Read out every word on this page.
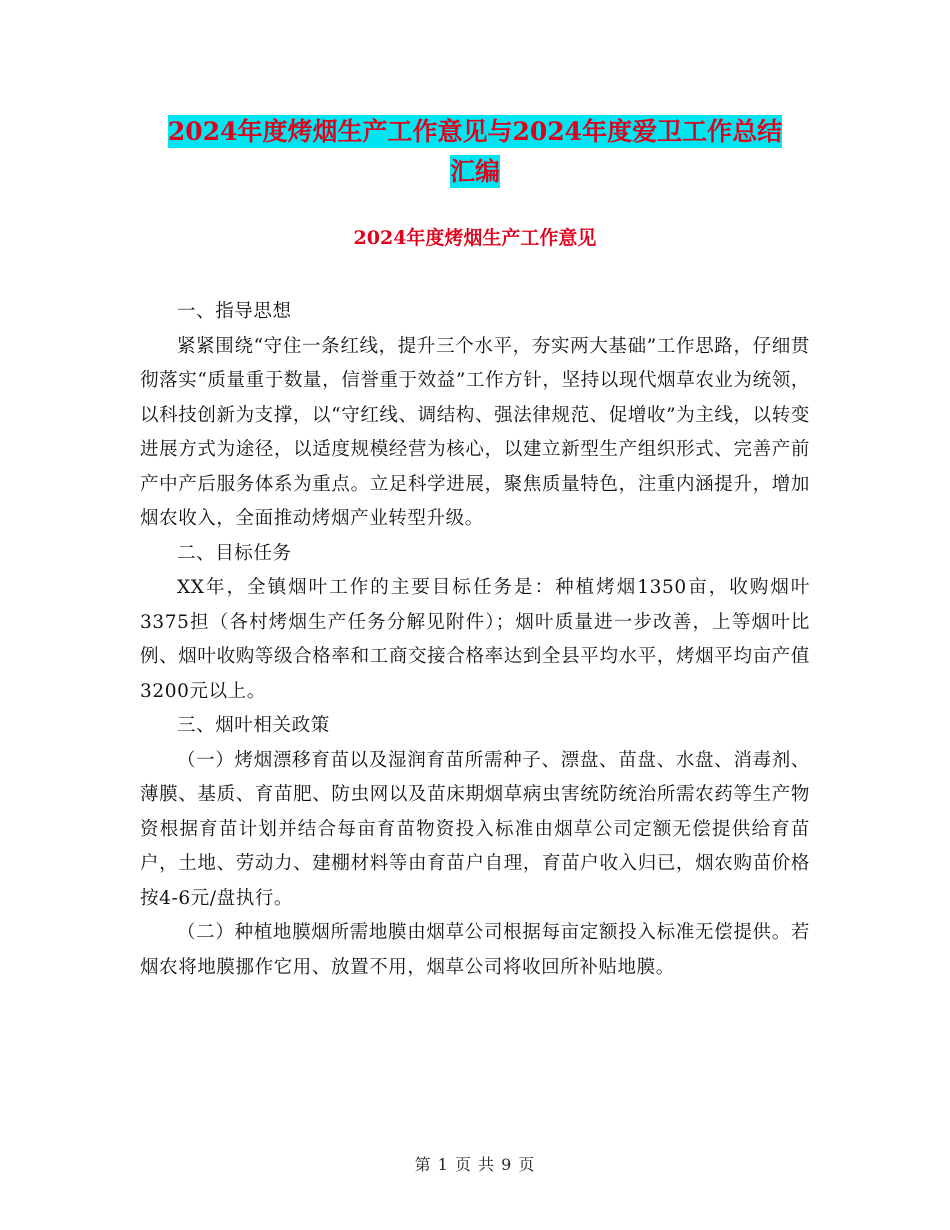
2024年度烤烟生产工作意见与2024年度爱卫工作总结
汇编
2024年度烤烟生产工作意见

一、指导思想

紧紧围绕“守住一条红线，提升三个水平，夯实两大基础”工作思路，仔细贯彻落实“质量重于数量，信誉重于效益”工作方针，坚持以现代烟草农业为统领，以科技创新为支撑，以“守红线、调结构、强法律规范、促增收”为主线，以转变进展方式为途径，以适度规模经营为核心，以建立新型生产组织形式、完善产前产中产后服务体系为重点。立足科学进展，聚焦质量特色，注重内涵提升，增加烟农收入，全面推动烤烟产业转型升级。

二、目标任务

XX年，全镇烟叶工作的主要目标任务是：种植烤烟1350亩，收购烟叶3375担（各村烤烟生产任务分解见附件）；烟叶质量进一步改善，上等烟叶比例、烟叶收购等级合格率和工商交接合格率达到全县平均水平，烤烟平均亩产值3200元以上。

三、烟叶相关政策

（一）烤烟漂移育苗以及湿润育苗所需种子、漂盘、苗盘、水盘、消毒剂、薄膜、基质、育苗肥、防虫网以及苗床期烟草病虫害统防统治所需农药等生产物资根据育苗计划并结合每亩育苗物资投入标准由烟草公司定额无偿提供给育苗户，土地、劳动力、建棚材料等由育苗户自理，育苗户收入归已，烟农购苗价格按4-6元/盘执行。

（二）种植地膜烟所需地膜由烟草公司根据每亩定额投入标准无偿提供。若烟农将地膜挪作它用、放置不用，烟草公司将收回所补贴地膜。

第 1 页 共 9 页
